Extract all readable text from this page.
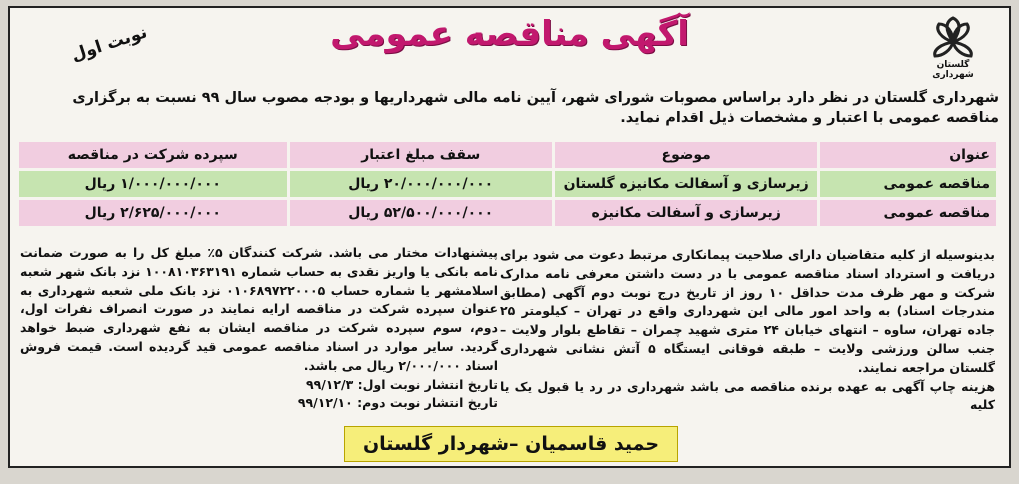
گلستان
شهرداری
آگهی مناقصه عمومی
نوبت اول
شهرداری گلستان در نظر دارد براساس مصوبات شورای شهر، آیین نامه مالی شهرداریها و بودجه مصوب سال ۹۹ نسبت به برگزاری مناقصه عمومی با اعتبار و مشخصات ذیل اقدام نماید.
عنوان	موضوع	سقف مبلغ اعتبار	سپرده شرکت در مناقصه
مناقصه عمومی	زیرسازی و آسفالت مکانیزه گلستان	۲۰/۰۰۰/۰۰۰/۰۰۰ ریال	۱/۰۰۰/۰۰۰/۰۰۰ ریال
مناقصه عمومی	زیرسازی و آسفالت مکانیزه	۵۲/۵۰۰/۰۰۰/۰۰۰ ریال	۲/۶۲۵/۰۰۰/۰۰۰ ریال
بدینوسیله از کلیه متقاضیان دارای صلاحیت پیمانکاری مرتبط دعوت می شود برای دریافت و استرداد اسناد مناقصه عمومی با در دست داشتن معرفی نامه مدارک شرکت و مهر ظرف مدت حداقل ۱۰ روز از تاریخ درج نوبت دوم آگهی (مطابق مندرجات اسناد) به واحد امور مالی این شهرداری واقع در تهران – کیلومتر ۲۵ جاده تهران، ساوه – انتهای خیابان ۲۴ متری شهید چمران – تقاطع بلوار ولایت – جنب سالن ورزشی ولایت – طبقه فوقانی ایستگاه ۵ آتش نشانی شهرداری گلستان مراجعه نمایند.
هزینه چاپ آگهی به عهده برنده مناقصه می باشد شهرداری در رد یا قبول یک یا کلیه
پیشنهادات مختار می باشد. شرکت کنندگان ۵٪ مبلغ کل را به صورت ضمانت نامه بانکی یا واریز نقدی به حساب شماره ۱۰۰۸۱۰۳۶۳۱۹۱ نزد بانک شهر شعبه اسلامشهر یا شماره حساب ۰۱۰۶۸۹۷۲۲۰۰۰۵ نزد بانک ملی شعبه شهرداری به عنوان سپرده شرکت در مناقصه ارایه نمایند در صورت انصراف نفرات اول، دوم، سوم سپرده شرکت در مناقصه ایشان به نفع شهرداری ضبط خواهد گردید. سایر موارد در اسناد مناقصه عمومی قید گردیده است. قیمت فروش اسناد ۲/۰۰۰/۰۰۰ ریال می باشد.
تاریخ انتشار نوبت اول: ۹۹/۱۲/۳
تاریخ انتشار نوبت دوم: ۹۹/۱۲/۱۰
حمید قاسمیان –شهردار گلستان
